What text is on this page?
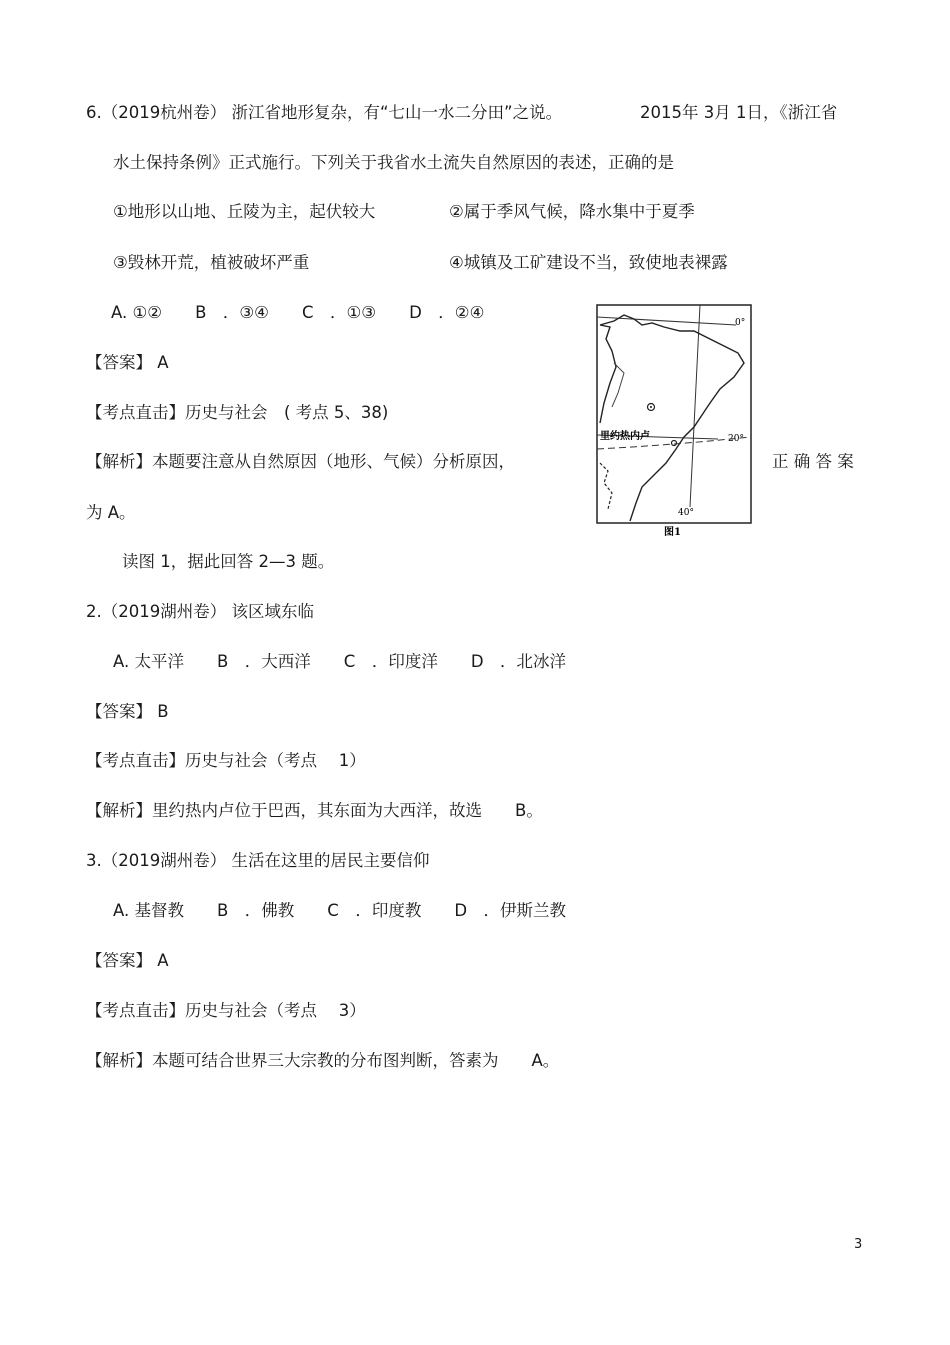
6.（2019杭州卷） 浙江省地形复杂，有“七山一水二分田”之说。	2015年 3月 1日，《浙江省
水土保持条例》正式施行。下列关于我省水土流失自然原因的表述，正确的是
①地形以山地、丘陵为主，起伏较大	②属于季风气候，降水集中于夏季
③毁林开荒，植被破坏严重	④城镇及工矿建设不当，致使地表裸露
A. ①②　　B　．③④　　C　．①③　　D　．②④
【答案】 A
【考点直击】历史与社会　( 考点 5、38)
【解析】本题要注意从自然原因（地形、气候）分析原因，	正 确 答 案
为 A。
0°
20°
40°
里约热内卢
图1
读图 1，据此回答 2—3 题。
2.（2019湖州卷） 该区域东临
A. 太平洋　　B　．大西洋　　C　．印度洋　　D　．北冰洋
【答案】 B
【考点直击】历史与社会（考点　 1）
【解析】里约热内卢位于巴西，其东面为大西洋，故选　　B。
3.（2019湖州卷） 生活在这里的居民主要信仰
A. 基督教　　B　．佛教　　C　．印度教　　D　．伊斯兰教
【答案】 A
【考点直击】历史与社会（考点　 3）
【解析】本题可结合世界三大宗教的分布图判断，答素为　　A。
3
